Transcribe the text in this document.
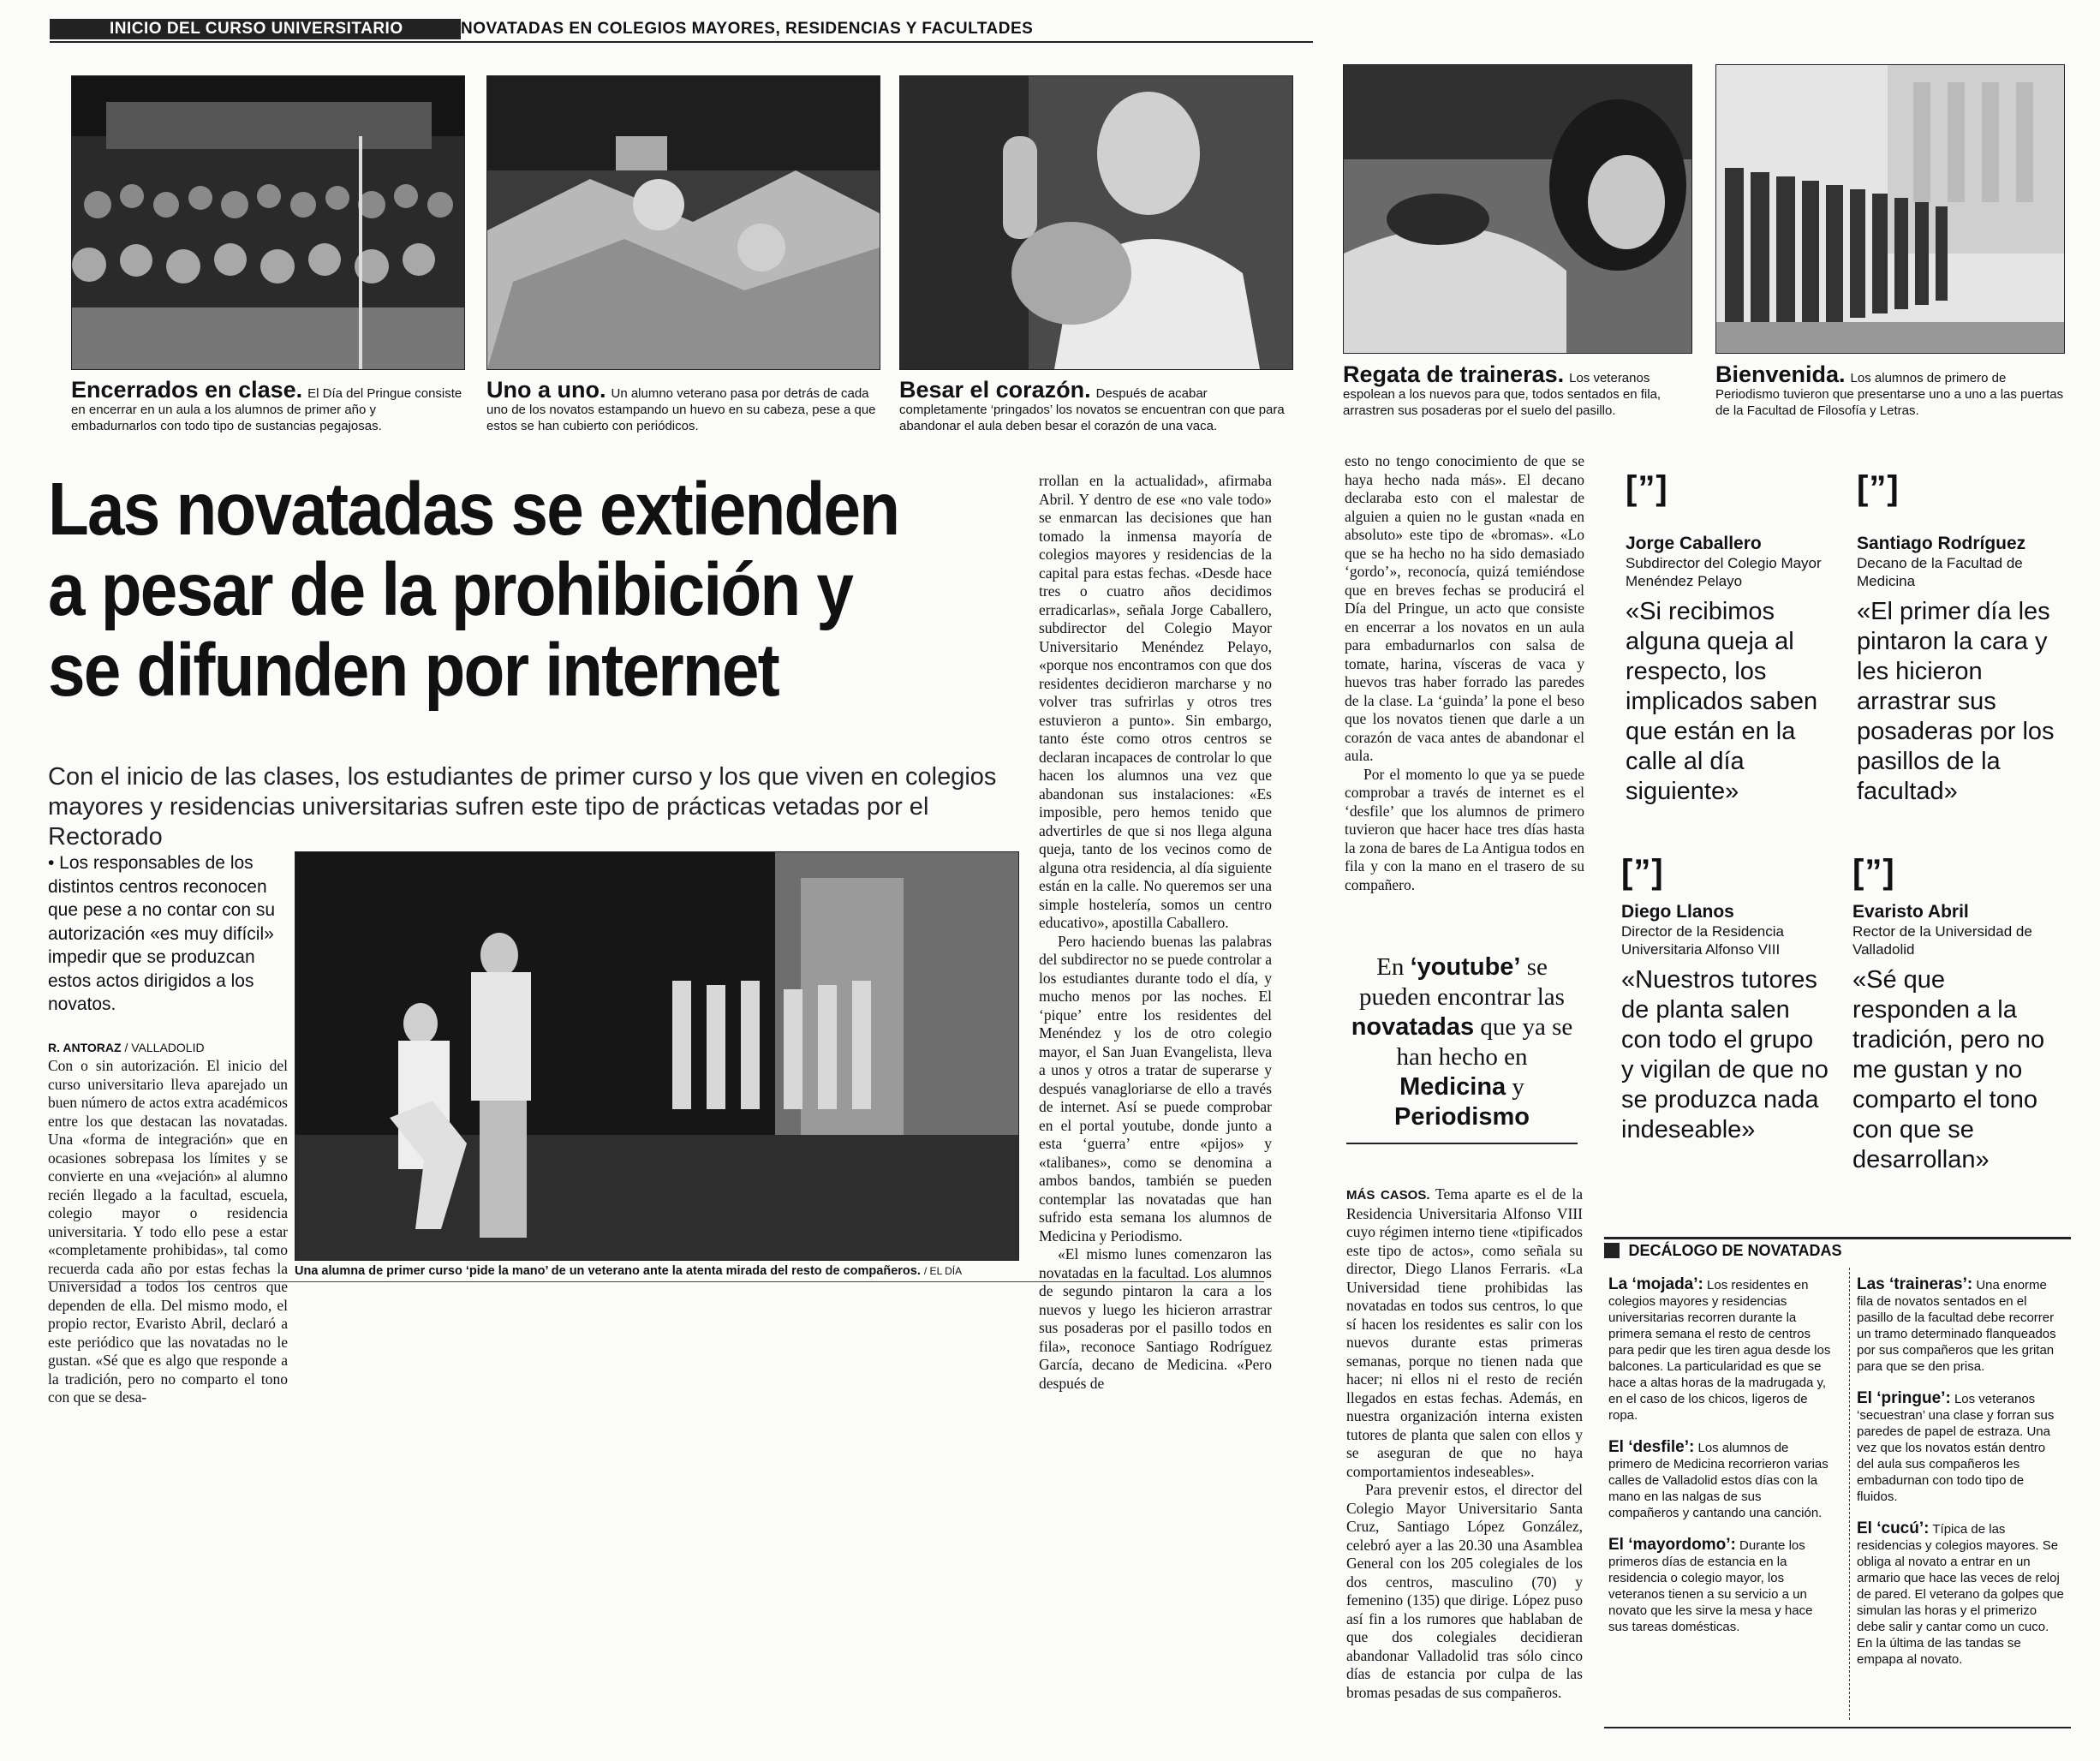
INICIO DEL CURSO UNIVERSITARIO	NOVATADAS EN COLEGIOS MAYORES, RESIDENCIAS Y FACULTADES
Encerrados en clase. El Día del Pringue consiste en encerrar en un aula a los alumnos de primer año y embadurnarlos con todo tipo de sustancias pegajosas.
Uno a uno. Un alumno veterano pasa por detrás de cada uno de los novatos estampando un huevo en su cabeza, pese a que estos se han cubierto con periódicos.
Besar el corazón. Después de acabar completamente ‘pringados’ los novatos se encuentran con que para abandonar el aula deben besar el corazón de una vaca.
Regata de traineras. Los veteranos espolean a los nuevos para que, todos sentados en fila, arrastren sus posaderas por el suelo del pasillo.
Bienvenida. Los alumnos de primero de Periodismo tuvieron que presentarse uno a uno a las puertas de la Facultad de Filosofía y Letras.
Las novatadas se extienden
a pesar de la prohibición y
se difunden por internet
Con el inicio de las clases, los estudiantes de primer curso y los que viven en colegios mayores y residencias universitarias sufren este tipo de prácticas vetadas por el Rectorado
• Los responsables de los distintos centros reconocen que pese a no contar con su autorización «es muy difícil» impedir que se produzcan estos actos dirigidos a los novatos.
R. ANTORAZ / VALLADOLID

Con o sin autorización. El inicio del curso universitario lleva aparejado un buen número de actos extra académicos entre los que destacan las novatadas. Una «forma de integración» que en ocasiones sobrepasa los límites y se convierte en una «vejación» al alumno recién llegado a la facultad, escuela, colegio mayor o residencia universitaria. Y todo ello pese a estar «completamente prohibidas», tal como recuerda cada año por estas fechas la Universidad a todos los centros que dependen de ella. Del mismo modo, el propio rector, Evaristo Abril, declaró a este periódico que las novatadas no le gustan. «Sé que es algo que responde a la tradición, pero no comparto el tono con que se desa-

Una alumna de primer curso ‘pide la mano’ de un veterano ante la atenta mirada del resto de compañeros. / EL DÍA

rrollan en la actualidad», afirmaba Abril. Y dentro de ese «no vale todo» se enmarcan las decisiones que han tomado la inmensa mayoría de colegios mayores y residencias de la capital para estas fechas. «Desde hace tres o cuatro años decidimos erradicarlas», señala Jorge Caballero, subdirector del Colegio Mayor Universitario Menéndez Pelayo, «porque nos encontramos con que dos residentes decidieron marcharse y no volver tras sufrirlas y otros tres estuvieron a punto». Sin embargo, tanto éste como otros centros se declaran incapaces de controlar lo que hacen los alumnos una vez que abandonan sus instalaciones: «Es imposible, pero hemos tenido que advertirles de que si nos llega alguna queja, tanto de los vecinos como de alguna otra residencia, al día siguiente están en la calle. No queremos ser una simple hostelería, somos un centro educativo», apostilla Caballero.

Pero haciendo buenas las palabras del subdirector no se puede controlar a los estudiantes durante todo el día, y mucho menos por las noches. El ‘pique’ entre los residentes del Menéndez y los de otro colegio mayor, el San Juan Evangelista, lleva a unos y otros a tratar de superarse y después vanagloriarse de ello a través de internet. Así se puede comprobar en el portal youtube, donde junto a esta ‘guerra’ entre «pijos» y «talibanes», como se denomina a ambos bandos, también se pueden contemplar las novatadas que han sufrido esta semana los alumnos de Medicina y Periodismo.

«El mismo lunes comenzaron las novatadas en la facultad. Los alumnos de segundo pintaron la cara a los nuevos y luego les hicieron arrastrar sus posaderas por el pasillo todos en fila», reconoce Santiago Rodríguez García, decano de Medicina. «Pero después de

esto no tengo conocimiento de que se haya hecho nada más». El decano declaraba esto con el malestar de alguien a quien no le gustan «nada en absoluto» este tipo de «bromas». «Lo que se ha hecho no ha sido demasiado ‘gordo’», reconocía, quizá temiéndose que en breves fechas se producirá el Día del Pringue, un acto que consiste en encerrar a los novatos en un aula para embadurnarlos con salsa de tomate, harina, vísceras de vaca y huevos tras haber forrado las paredes de la clase. La ‘guinda’ la pone el beso que los novatos tienen que darle a un corazón de vaca antes de abandonar el aula.

Por el momento lo que ya se puede comprobar a través de internet es el ‘desfile’ que los alumnos de primero tuvieron que hacer hace tres días hasta la zona de bares de La Antigua todos en fila y con la mano en el trasero de su compañero.

En ‘youtube’ se pueden encontrar las novatadas que ya se han hecho en Medicina y Periodismo

MÁS CASOS. Tema aparte es el de la Residencia Universitaria Alfonso VIII cuyo régimen interno tiene «tipificados este tipo de actos», como señala su director, Diego Llanos Ferraris. «La Universidad tiene prohibidas las novatadas en todos sus centros, lo que sí hacen los residentes es salir con los nuevos durante estas primeras semanas, porque no tienen nada que hacer; ni ellos ni el resto de recién llegados en estas fechas. Además, en nuestra organización interna existen tutores de planta que salen con ellos y se aseguran de que no haya comportamientos indeseables».

Para prevenir estos, el director del Colegio Mayor Universitario Santa Cruz, Santiago López González, celebró ayer a las 20.30 una Asamblea General con los 205 colegiales de los dos centros, masculino (70) y femenino (135) que dirige. López puso así fin a los rumores que hablaban de que dos colegiales decidieran abandonar Valladolid tras sólo cinco días de estancia por culpa de las bromas pesadas de sus compañeros.

[”]
Jorge Caballero
Subdirector del Colegio Mayor Menéndez Pelayo
«Si recibimos alguna queja al respecto, los implicados saben que están en la calle al día siguiente»
[”]
Santiago Rodríguez
Decano de la Facultad de Medicina
«El primer día les pintaron la cara y les hicieron arrastrar sus posaderas por los pasillos de la facultad»
[”]
Diego Llanos
Director de la Residencia Universitaria Alfonso VIII
«Nuestros tutores de planta salen con todo el grupo y vigilan de que no se produzca nada indeseable»
[”]
Evaristo Abril
Rector de la Universidad de Valladolid
«Sé que responden a la tradición, pero no me gustan y no comparto el tono con que se desarrollan»
DECÁLOGO DE NOVATADAS
La ‘mojada’: Los residentes en colegios mayores y residencias universitarias recorren durante la primera semana el resto de centros para pedir que les tiren agua desde los balcones. La particularidad es que se hace a altas horas de la madrugada y, en el caso de los chicos, ligeros de ropa.
El ‘desfile’: Los alumnos de primero de Medicina recorrieron varias calles de Valladolid estos días con la mano en las nalgas de sus compañeros y cantando una canción.
El ‘mayordomo’: Durante los primeros días de estancia en la residencia o colegio mayor, los veteranos tienen a su servicio a un novato que les sirve la mesa y hace sus tareas domésticas.
Las ‘traineras’: Una enorme fila de novatos sentados en el pasillo de la facultad debe recorrer un tramo determinado flanqueados por sus compañeros que les gritan para que se den prisa.
El ‘pringue’: Los veteranos ‘secuestran’ una clase y forran sus paredes de papel de estraza. Una vez que los novatos están dentro del aula sus compañeros les embadurnan con todo tipo de fluidos.
El ‘cucú’: Típica de las residencias y colegios mayores. Se obliga al novato a entrar en un armario que hace las veces de reloj de pared. El veterano da golpes que simulan las horas y el primerizo debe salir y cantar como un cuco. En la última de las tandas se empapa al novato.
